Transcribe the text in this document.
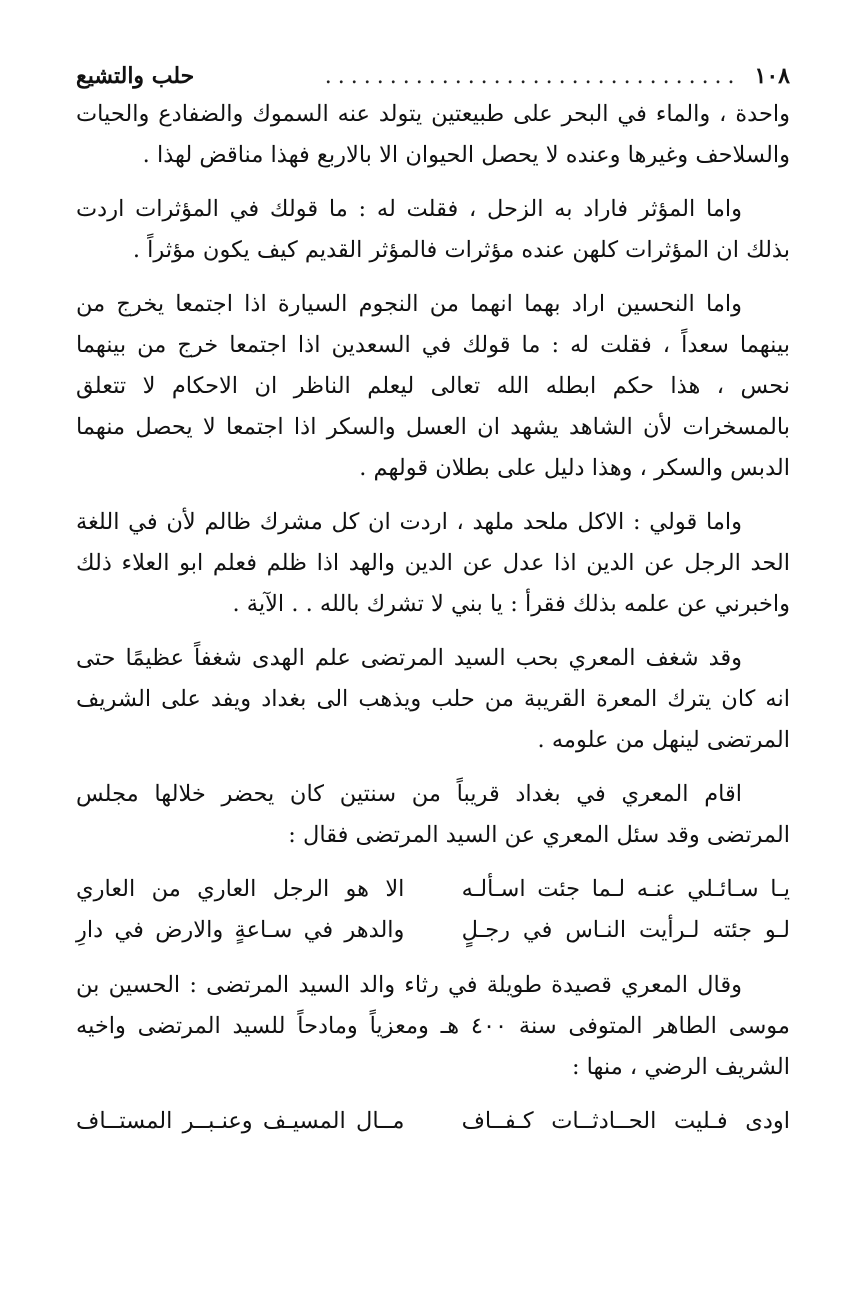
١٠٨
................................
حلب والتشيع

واحدة ، والماء في البحر على طبيعتين يتولد عنه السموك والضفادع والحيات والسلاحف وغيرها وعنده لا يحصل الحيوان الا بالاربع فهذا مناقض لهذا .

واما المؤثر فاراد به الزحل ، فقلت له : ما قولك في المؤثرات اردت بذلك ان المؤثرات كلهن عنده مؤثرات فالمؤثر القديم كيف يكون مؤثراً .

واما النحسين اراد بهما انهما من النجوم السيارة اذا اجتمعا يخرج من بينهما سعداً ، فقلت له : ما قولك في السعدين اذا اجتمعا خرج من بينهما نحس ، هذا حكم ابطله الله تعالى ليعلم الناظر ان الاحكام لا تتعلق بالمسخرات لأن الشاهد يشهد ان العسل والسكر اذا اجتمعا لا يحصل منهما الدبس والسكر ، وهذا دليل على بطلان قولهم .

واما قولي : الاكل ملحد ملهد ، اردت ان كل مشرك ظالم لأن في اللغة الحد الرجل عن الدين اذا عدل عن الدين والهد اذا ظلم فعلم ابو العلاء ذلك واخبرني عن علمه بذلك فقرأ : يا بني لا تشرك بالله . . الآية .

وقد شغف المعري بحب السيد المرتضى علم الهدى شغفاً عظيمًا حتى انه كان يترك المعرة القريبة من حلب ويذهب الى بغداد ويفد على الشريف المرتضى لينهل من علومه .

اقام المعري في بغداد قريباً من سنتين كان يحضر خلالها مجلس المرتضى وقد سئل المعري عن السيد المرتضى فقال :

يـا سـائـلي عنـه لـما جئت اسـألـه
الا هو الرجل العاري من العاري
لـو جئته لـرأيت النـاس في رجـلٍ
والدهر في سـاعةٍ والارض في دارِ

وقال المعري قصيدة طويلة في رثاء والد السيد المرتضى : الحسين بن موسى الطاهر المتوفى سنة ٤٠٠ هـ ومعزياً ومادحاً للسيد المرتضى واخيه الشريف الرضي ، منها :

اودى فـليت الحــادثــات كـفــاف
مــال المسيـف وعنـبــر المستــاف
